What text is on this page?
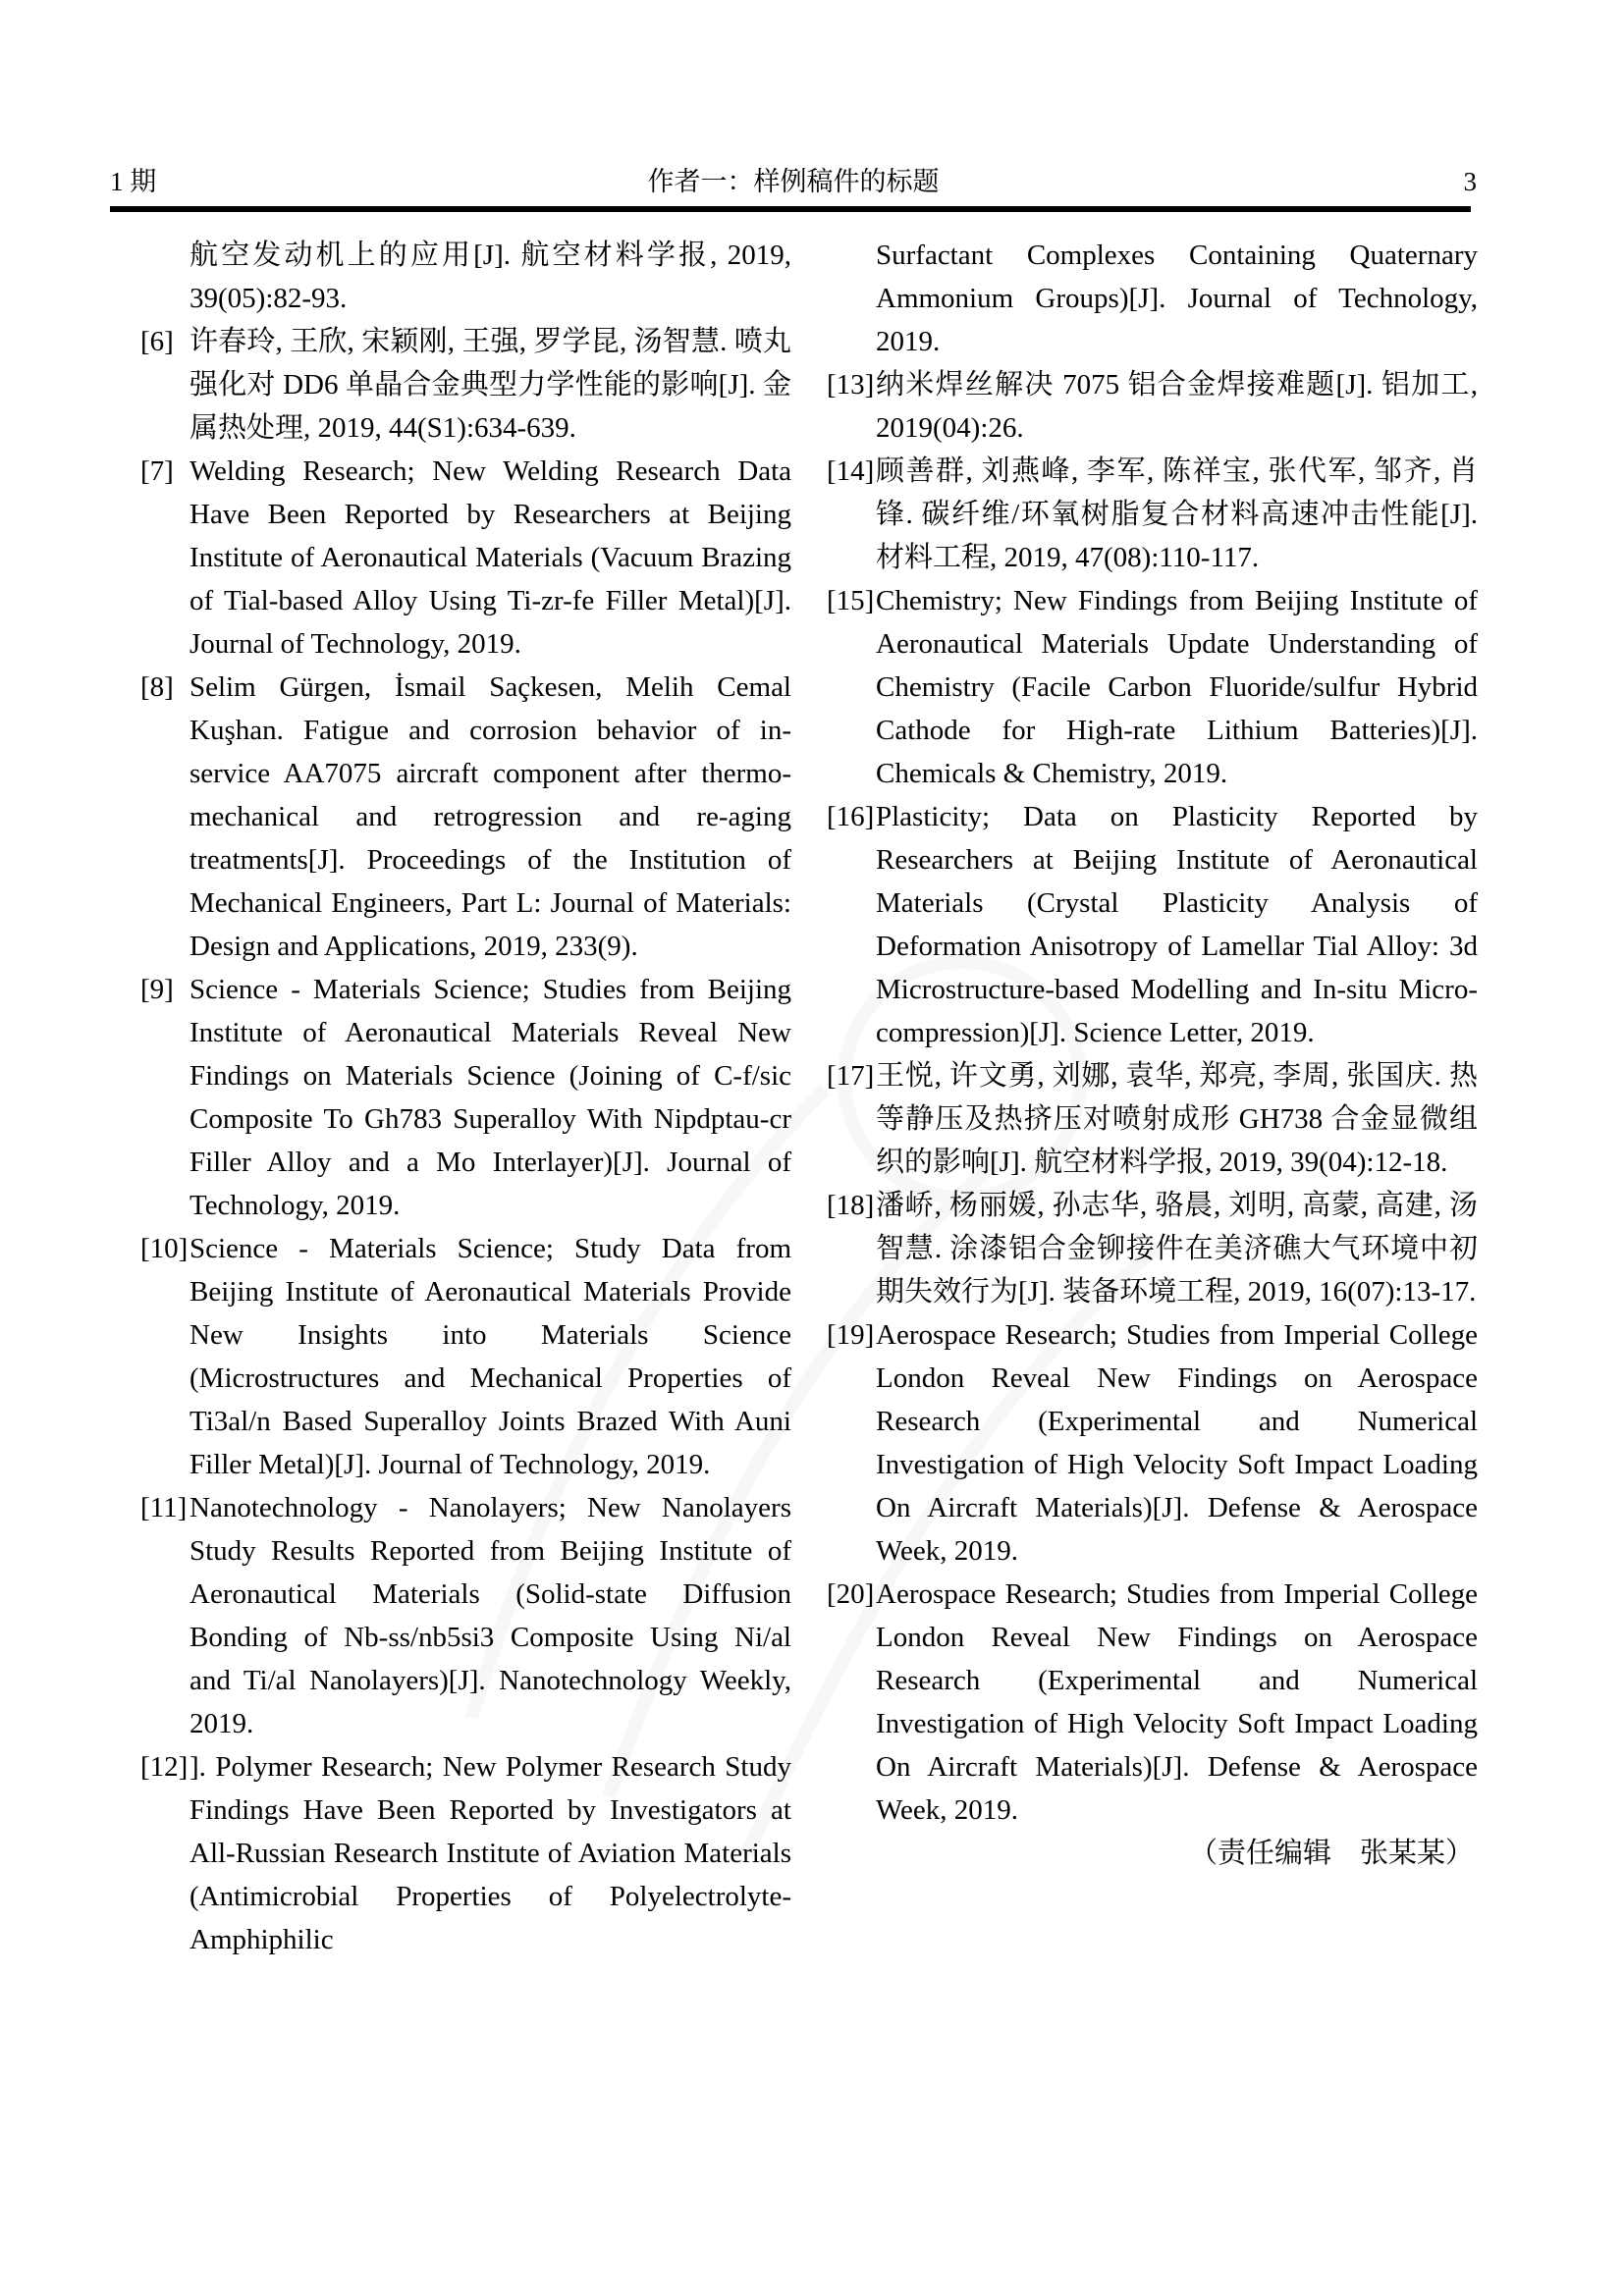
1 期	作者一：样例稿件的标题	3
航空发动机上的应用[J]. 航空材料学报, 2019, 39(05):82-93.
[6] 许春玲, 王欣, 宋颖刚, 王强, 罗学昆, 汤智慧. 喷丸强化对 DD6 单晶合金典型力学性能的影响[J]. 金属热处理, 2019, 44(S1):634-639.
[7] Welding Research; New Welding Research Data Have Been Reported by Researchers at Beijing Institute of Aeronautical Materials (Vacuum Brazing of Tial-based Alloy Using Ti-zr-fe Filler Metal)[J]. Journal of Technology, 2019.
[8] Selim Gürgen, İsmail Saçkesen, Melih Cemal Kuşhan. Fatigue and corrosion behavior of in-service AA7075 aircraft component after thermo-mechanical and retrogression and re-aging treatments[J]. Proceedings of the Institution of Mechanical Engineers, Part L: Journal of Materials: Design and Applications, 2019, 233(9).
[9] Science - Materials Science; Studies from Beijing Institute of Aeronautical Materials Reveal New Findings on Materials Science (Joining of C-f/sic Composite To Gh783 Superalloy With Nipdptau-cr Filler Alloy and a Mo Interlayer)[J]. Journal of Technology, 2019.
[10] Science - Materials Science; Study Data from Beijing Institute of Aeronautical Materials Provide New Insights into Materials Science (Microstructures and Mechanical Properties of Ti3al/n Based Superalloy Joints Brazed With Auni Filler Metal)[J]. Journal of Technology, 2019.
[11] Nanotechnology - Nanolayers; New Nanolayers Study Results Reported from Beijing Institute of Aeronautical Materials (Solid-state Diffusion Bonding of Nb-ss/nb5si3 Composite Using Ni/al and Ti/al Nanolayers)[J]. Nanotechnology Weekly, 2019.
[12] ]. Polymer Research; New Polymer Research Study Findings Have Been Reported by Investigators at All-Russian Research Institute of Aviation Materials (Antimicrobial Properties of Polyelectrolyte-Amphiphilic
Surfactant Complexes Containing Quaternary Ammonium Groups)[J]. Journal of Technology, 2019.
[13] 纳米焊丝解决 7075 铝合金焊接难题[J]. 铝加工, 2019(04):26.
[14] 顾善群, 刘燕峰, 李军, 陈祥宝, 张代军, 邹齐, 肖锋. 碳纤维/环氧树脂复合材料高速冲击性能[J]. 材料工程, 2019, 47(08):110-117.
[15] Chemistry; New Findings from Beijing Institute of Aeronautical Materials Update Understanding of Chemistry (Facile Carbon Fluoride/sulfur Hybrid Cathode for High-rate Lithium Batteries)[J]. Chemicals & Chemistry, 2019.
[16] Plasticity; Data on Plasticity Reported by Researchers at Beijing Institute of Aeronautical Materials (Crystal Plasticity Analysis of Deformation Anisotropy of Lamellar Tial Alloy: 3d Microstructure-based Modelling and In-situ Micro-compression)[J]. Science Letter, 2019.
[17] 王悦, 许文勇, 刘娜, 袁华, 郑亮, 李周, 张国庆. 热等静压及热挤压对喷射成形 GH738 合金显微组织的影响[J]. 航空材料学报, 2019, 39(04):12-18.
[18] 潘峤, 杨丽媛, 孙志华, 骆晨, 刘明, 高蒙, 高建, 汤智慧. 涂漆铝合金铆接件在美济礁大气环境中初期失效行为[J]. 装备环境工程, 2019, 16(07):13-17.
[19] Aerospace Research; Studies from Imperial College London Reveal New Findings on Aerospace Research (Experimental and Numerical Investigation of High Velocity Soft Impact Loading On Aircraft Materials)[J]. Defense & Aerospace Week, 2019.
[20] Aerospace Research; Studies from Imperial College London Reveal New Findings on Aerospace Research (Experimental and Numerical Investigation of High Velocity Soft Impact Loading On Aircraft Materials)[J]. Defense & Aerospace Week, 2019.
（责任编辑　张某某）
